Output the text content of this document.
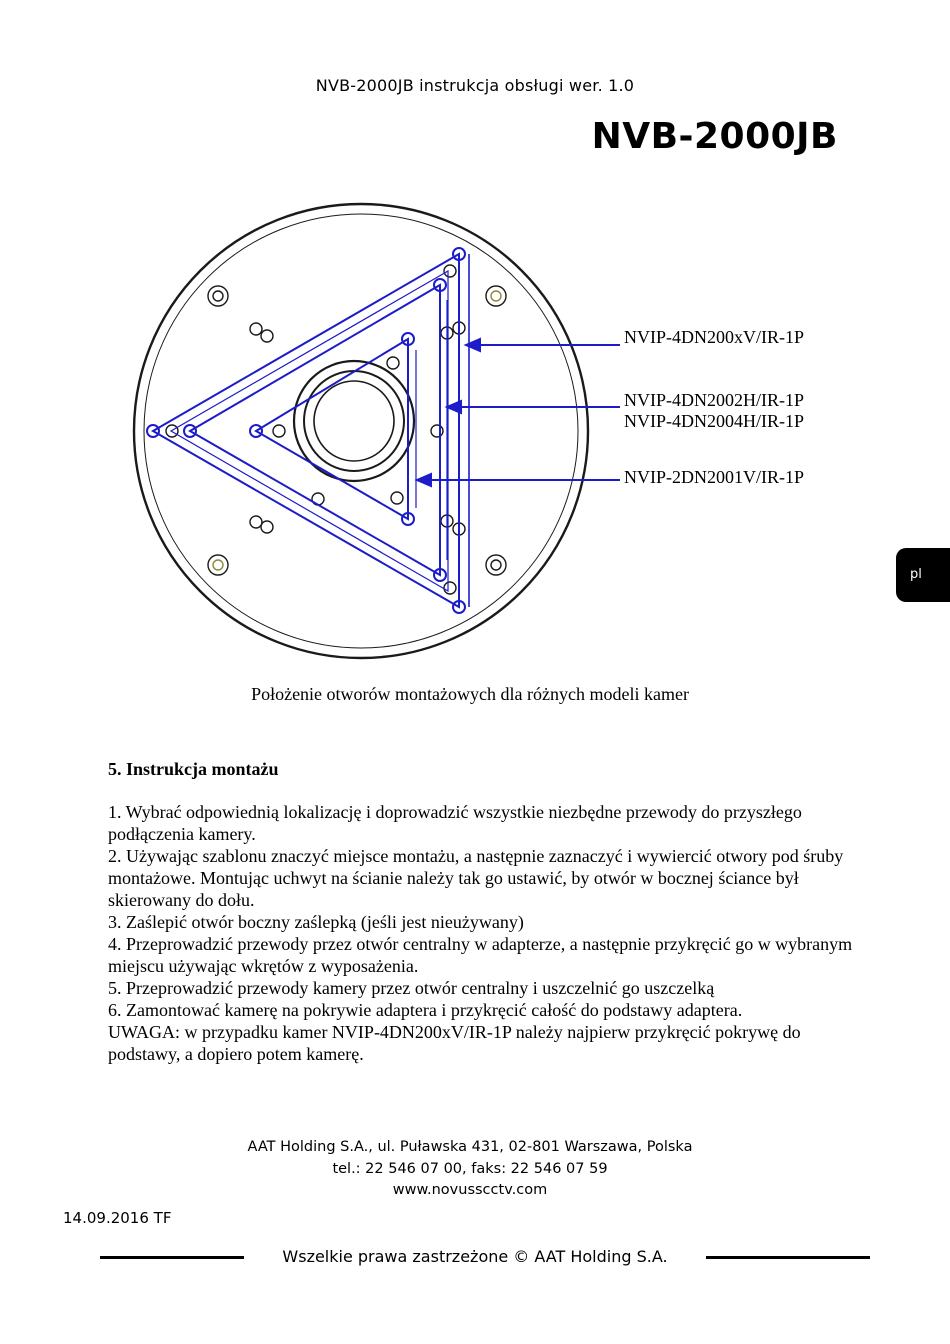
NVB-2000JB instrukcja obsługi wer. 1.0
NVB-2000JB
NVIP-4DN200xV/IR-1P
NVIP-4DN2002H/IR-1P
NVIP-4DN2004H/IR-1P
NVIP-2DN2001V/IR-1P
pl
Położenie otworów montażowych dla różnych modeli kamer
5. Instrukcja montażu

1. Wybrać odpowiednią lokalizację i doprowadzić wszystkie niezbędne przewody do przyszłego podłączenia kamery.

2. Używając szablonu znaczyć miejsce montażu, a następnie zaznaczyć i wywiercić otwory pod śruby montażowe. Montując uchwyt na ścianie należy tak go ustawić, by otwór w bocznej ściance był skierowany do dołu.

3. Zaślepić otwór boczny zaślepką (jeśli jest nieużywany)

4. Przeprowadzić przewody przez otwór centralny w adapterze, a następnie przykręcić go w wybranym miejscu używając wkrętów z wyposażenia.

5. Przeprowadzić przewody kamery przez otwór centralny i uszczelnić go uszczelką

6. Zamontować kamerę na pokrywie adaptera i przykręcić całość do podstawy adaptera.

UWAGA: w przypadku kamer NVIP-4DN200xV/IR-1P należy najpierw przykręcić pokrywę do podstawy, a dopiero potem kamerę.

AAT Holding S.A., ul. Puławska 431, 02-801 Warszawa, Polska

tel.: 22 546 07 00, faks: 22 546 07 59

www.novusscctv.com

14.09.2016 TF
Wszelkie prawa zastrzeżone © AAT Holding S.A.
